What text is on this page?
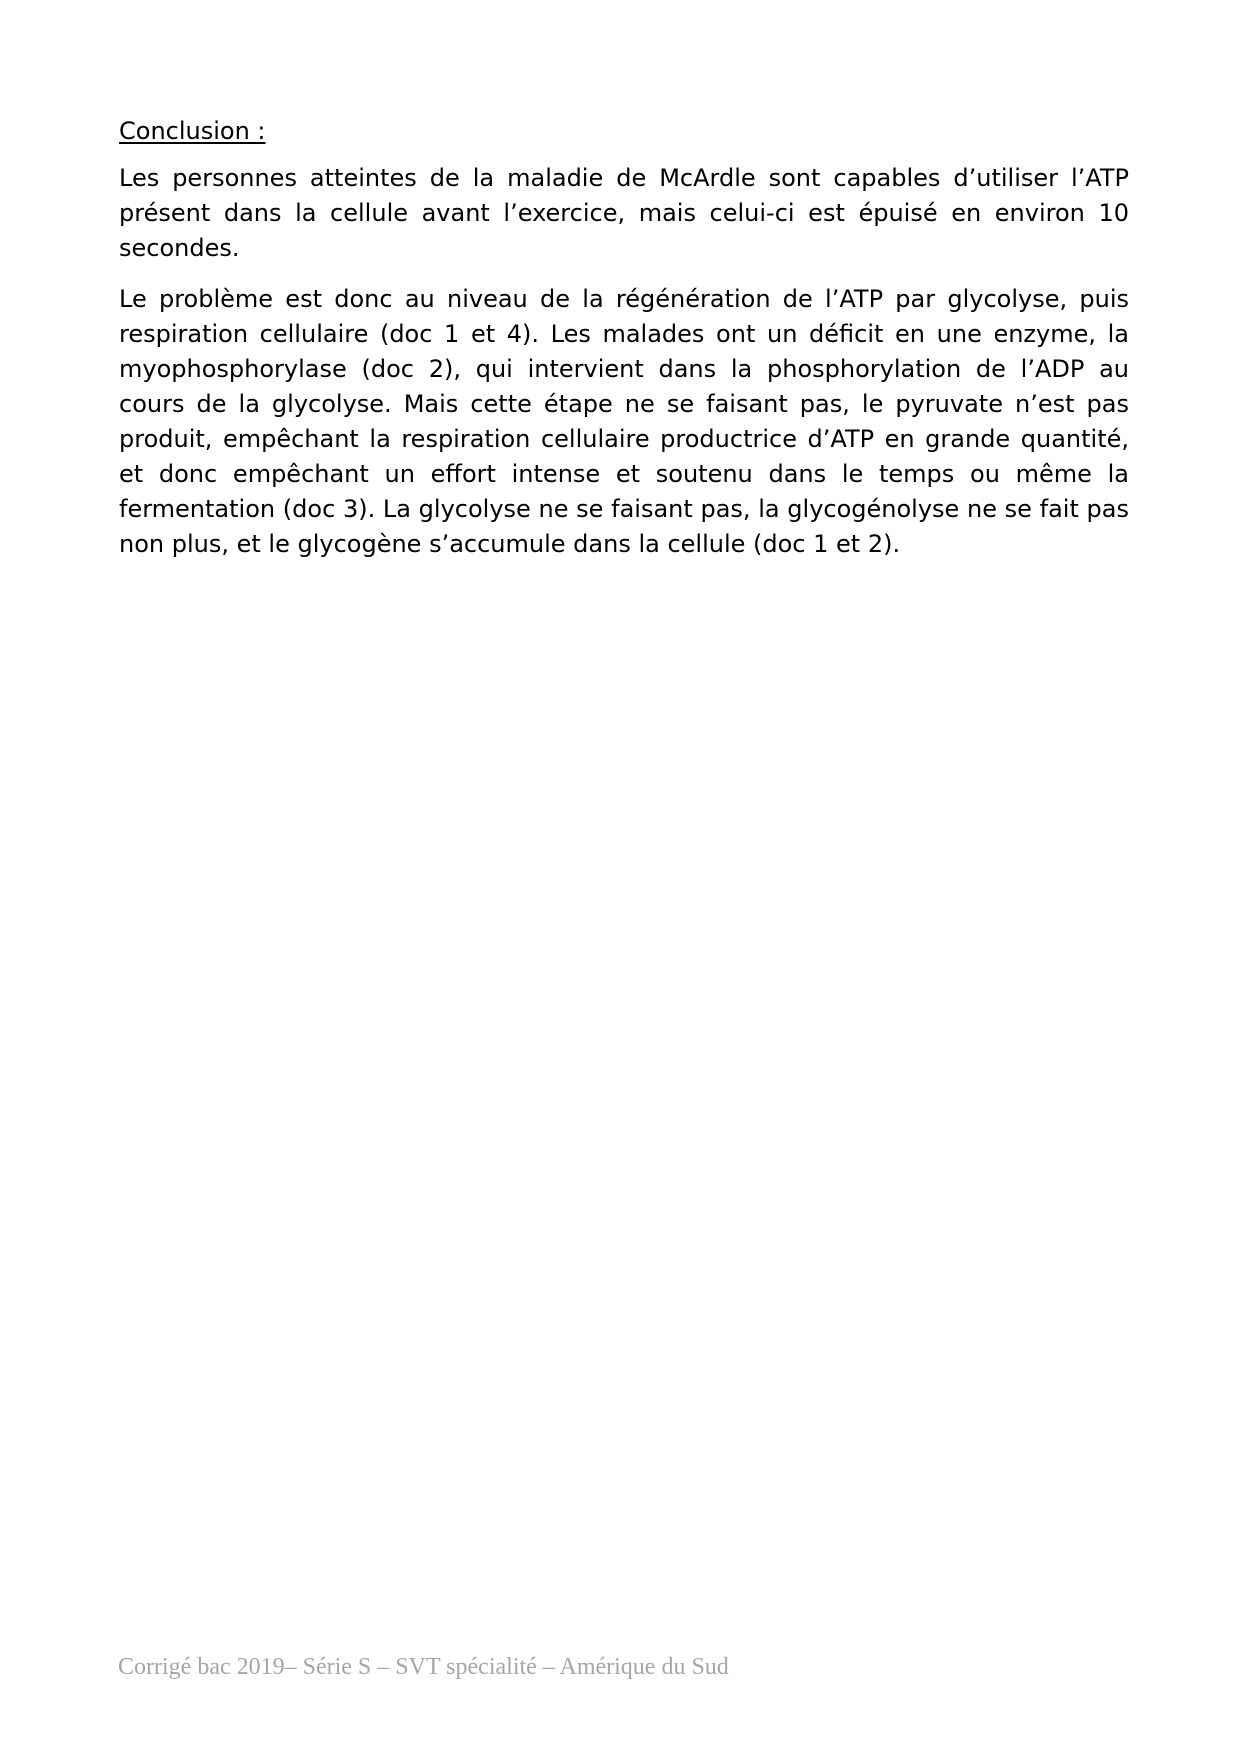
Conclusion :

Les personnes atteintes de la maladie de McArdle sont capables d’utiliser l’ATP présent dans la cellule avant l’exercice, mais celui-ci est épuisé en environ 10 secondes.

Le problème est donc au niveau de la régénération de l’ATP par glycolyse, puis respiration cellulaire (doc 1 et 4). Les malades ont un déficit en une enzyme, la myophosphorylase (doc 2), qui intervient dans la phosphorylation de l’ADP au cours de la glycolyse. Mais cette étape ne se faisant pas, le pyruvate n’est pas produit, empêchant la respiration cellulaire productrice d’ATP en grande quantité, et donc empêchant un effort intense et soutenu dans le temps ou même la fermentation (doc 3). La glycolyse ne se faisant pas, la glycogénolyse ne se fait pas non plus, et le glycogène s’accumule dans la cellule (doc 1 et 2).

Corrigé bac 2019– Série S – SVT spécialité – Amérique du Sud
